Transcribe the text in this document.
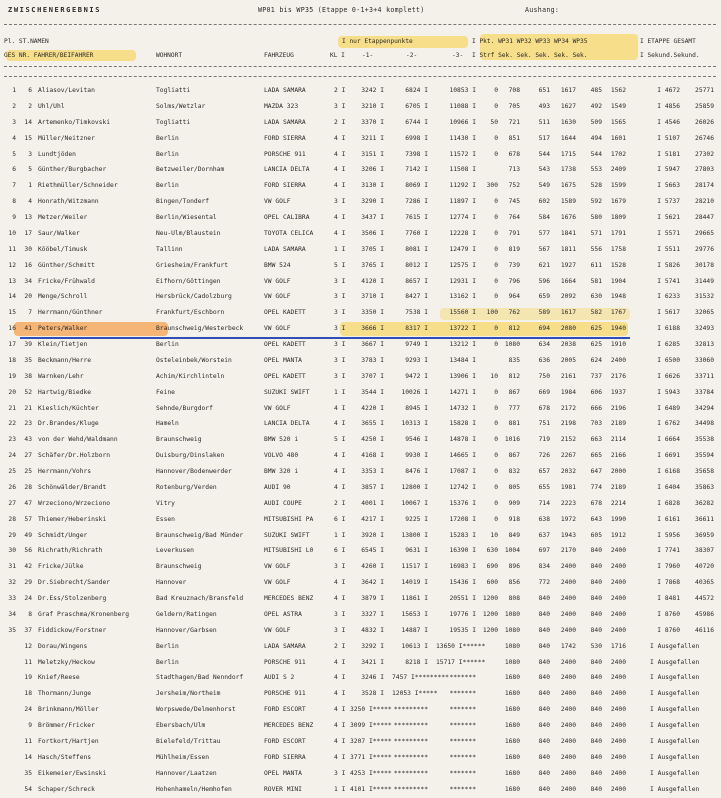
ZWISCHENERGEBNIS	WP01 bis WP35 (Etappe 0-1+3+4 komplett)	Aushang:
Pl. ST.NAMEN
GES NR. FAHRER/BEIFAHRER	WOHNORT	FAHRZEUG	KL I
I nur Etappenpunkte
-1-	-2-	-3-
I Pkt. WP31 WP32 WP33 WP34 WP35
I Strf Sek. Sek. Sek. Sek. Sek.
I ETAPPE GESAMT
I Sekund.Sekund.
1	6 Aliasov/Levitan	Togliatti	LADA SAMARA	2 I	3242 I	6824 I	10853 I	0	708	651	1617	485	1562	I 4672	25771
2	2 Uhl/Uhl	Solms/Wetzlar	MAZDA 323	3 I	3210 I	6705 I	11088 I	0	705	493	1627	492	1549	I 4856	25859
3	14 Artemenko/Timkovski	Togliatti	LADA SAMARA	2 I	3370 I	6744 I	10966 I	50	721	511	1630	509	1565	I 4546	26026
4	15 Müller/Neitzner	Berlin	FORD SIERRA	4 I	3211 I	6998 I	11430 I	0	851	517	1644	494	1601	I 5107	26746
5	3 Lundtjöden	Berlin	PORSCHE 911	4 I	3151 I	7398 I	11572 I	0	678	544	1715	544	1702	I 5181	27302
6	5 Günther/Burgbacher	Betzweiler/Dornham	LANCIA DELTA	4 I	3206 I	7142 I	11508 I	713	543	1738	553	2409	I 5947	27803
7	1 Riethmüller/Schneider	Berlin	FORD SIERRA	4 I	3130 I	8069 I	11292 I	300	752	549	1675	528	1599	I 5663	28174
8	4 Honrath/Witzmann	Bingen/Tonderf	VW GOLF	3 I	3290 I	7286 I	11897 I	0	745	602	1589	592	1679	I 5737	28210
9	13 Metzer/Weiler	Berlin/Wiesental	OPEL CALIBRA	4 I	3437 I	7615 I	12774 I	0	764	584	1676	580	1809	I 5621	28447
10	17 Saur/Walker	Neu-Ulm/Blaustein	TOYOTA CELICA	4 I	3506 I	7760 I	12228 I	0	791	577	1841	571	1791	I 5571	29665
11	30 Kööbel/Timusk	Tallinn	LADA SAMARA	1 I	3705 I	8081 I	12479 I	0	819	567	1811	556	1758	I 5511	29776
12	16 Günther/Schmitt	Griesheim/Frankfurt	BMW 524	5 I	3765 I	8012 I	12575 I	0	739	621	1927	611	1528	I 5826	30178
13	34 Fricke/Frühwald	Eifhorn/Göttingen	VW GOLF	3 I	4120 I	8657 I	12931 I	0	796	596	1664	581	1904	I 5741	31449
14	20 Menge/Schroll	Hersbrück/Cadolzburg	VW GOLF	3 I	3710 I	8427 I	13162 I	0	964	659	2092	630	1948	I 6233	31532
15	7 Herrmann/Günthner	Frankfurt/Eschborn	OPEL KADETT	3 I	3350 I	7538 I	15560 I	100	762	589	1617	582	1767	I 5617	32065
16	41 Peters/Walker	Braunschweig/Westerbeck	VW GOLF	3 I	3666 I	8317 I	13722 I	0	812	694	2080	625	1940	I 6188	32493
17	39 Klein/Tietjen	Berlin	OPEL KADETT	3 I	3667 I	9749 I	13212 I	0	1080	634	2038	625	1910	I 6285	32813
18	35 Beckmann/Herre	Osteleinbek/Worstein	OPEL MANTA	3 I	3783 I	9293 I	13484 I	835	636	2005	624	2400	I 6500	33060
19	38 Warnken/Lehr	Achim/Kirchlinteln	OPEL KADETT	3 I	3707 I	9472 I	13906 I	10	812	750	2161	737	2176	I 6626	33711
20	52 Hartwig/Biedke	Feine	SUZUKI SWIFT	1 I	3544 I	10026 I	14271 I	0	867	669	1984	606	1937	I 5943	33784
21	21 Kieslich/Küchter	Sehnde/Burgdorf	VW GOLF	4 I	4220 I	8945 I	14732 I	0	777	678	2172	666	2196	I 6489	34294
22	23 Dr.Brandes/Kluge	Hameln	LANCIA DELTA	4 I	3655 I	10313 I	15828 I	0	881	751	2198	703	2189	I 6762	34498
23	43 von der Wehd/Waldmann	Braunschweig	BMW 520 i	5 I	4250 I	9546 I	14878 I	0	1016	719	2152	663	2114	I 6664	35538
24	27 Schäfer/Dr.Holzborn	Duisburg/Dinslaken	VOLVO 480	4 I	4168 I	9930 I	14665 I	0	867	726	2267	665	2166	I 6691	35594
25	25 Herrmann/Vohrs	Hannover/Bodenwerder	BMW 320 i	4 I	3353 I	8476 I	17087 I	0	832	657	2032	647	2000	I 6168	35658
26	28 Schönwälder/Brandt	Rotenburg/Verden	AUDI 90	4 I	3857 I	12800 I	12742 I	0	805	655	1981	774	2189	I 6404	35863
27	47 Wrzeciono/Wrzeciono	Vitry	AUDI COUPE	2 I	4001 I	10067 I	15376 I	0	909	714	2223	678	2214	I 6828	36282
28	57 Thiemer/Heberinski	Essen	MITSUBISHI PA	6 I	4217 I	9225 I	17208 I	0	918	638	1972	643	1990	I 6161	36611
29	49 Schmidt/Unger	Braunschweig/Bad Münder	SUZUKI SWIFT	1 I	3920 I	13800 I	15283 I	10	849	637	1943	605	1912	I 5956	36959
30	56 Richrath/Richrath	Leverkusen	MITSUBISHI L0	6 I	6545 I	9631 I	16390 I	630	1004	697	2170	840	2400	I 7741	38307
31	42 Fricke/Jülke	Braunschweig	VW GOLF	3 I	4260 I	11517 I	16983 I	690	896	834	2400	840	2400	I 7960	40720
32	29 Dr.Siebrecht/Sander	Hannover	VW GOLF	4 I	3642 I	14019 I	15436 I	600	856	772	2400	840	2400	I 7868	40365
33	24 Dr.Ess/Stolzenberg	Bad Kreuznach/Bransfeld	MERCEDES BENZ	4 I	3879 I	11861 I	20551 I	1200	808	840	2400	840	2400	I 8481	44572
34	8 Graf Praschma/Kronenberg	Geldern/Ratingen	OPEL ASTRA	3 I	3327 I	15653 I	19776 I	1200	1080	840	2400	840	2400	I 8760	45986
35	37 Fiddickow/Forstner	Hannover/Garbsen	VW GOLF	3 I	4832 I	14887 I	19535 I	1200	1080	840	2400	840	2400	I 8760	46116
12 Dorau/Wingens	Berlin	LADA SAMARA	2 I	3292 I	10613 I 13650 I******	1080	840	1742	530	1716	I Ausgefallen
11 Meletzky/Heckow	Berlin	PORSCHE 911	4 I	3421 I	8218 I 15717 I******	1080	840	2400	840	2400	I Ausgefallen
19 Knief/Reese	Stadthagen/Bad Nenndorf	AUDI S 2	4 I	3246 I 7457 I********* *******	1680	840	2400	840	2400	I Ausgefallen
18 Thormann/Junge	Jersheim/Northeim	PORSCHE 911	4 I	3528 I 12053 I*****	*******	1680	840	2400	840	2400	I Ausgefallen
24 Brinkmann/Möller	Worpswede/Delmenhorst	FORD ESCORT	4 I 3250 I***** *********	*******	1680	840	2400	840	2400	I Ausgefallen
9 Brömmer/Fricker	Ebersbach/Ulm	MERCEDES BENZ	4 I 3099 I***** *********	*******	1680	840	2400	840	2400	I Ausgefallen
11 Fortkort/Hartjen	Bielefeld/Trittau	FORD ESCORT	4 I 3207 I***** *********	*******	1680	840	2400	840	2400	I Ausgefallen
14 Hasch/Steffens	Mühlheim/Essen	FORD SIERRA	4 I 3771 I***** *********	*******	1680	840	2400	840	2400	I Ausgefallen
35 Eikemeier/Ewsinski	Hannover/Laatzen	OPEL MANTA	3 I 4253 I***** *********	*******	1680	840	2400	840	2400	I Ausgefallen
54 Schaper/Schreck	Hohenhameln/Hemhofen	ROVER MINI	1 I 4101 I***** *********	*******	1680	840	2400	840	2400	I Ausgefallen
